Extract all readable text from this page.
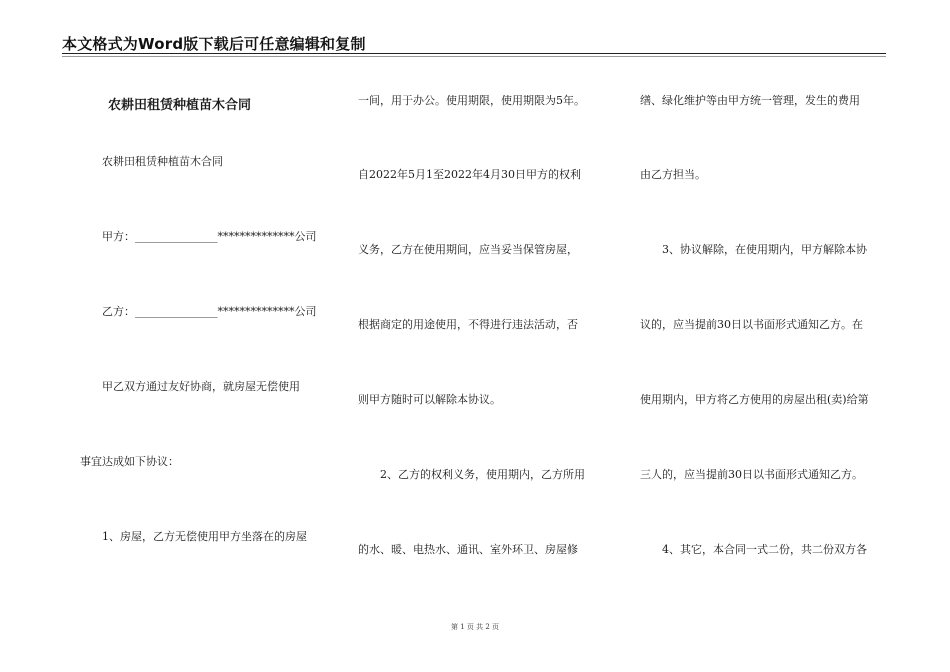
本文格式为Word版下载后可任意编辑和复制
农耕田租赁种植苗木合同
农耕田租赁种植苗木合同
甲方：_______________**************公司
乙方：_______________**************公司
甲乙双方通过友好协商，就房屋无偿使用
事宜达成如下协议：
1、房屋，乙方无偿使用甲方坐落在的房屋
一间，用于办公。使用期限，使用期限为5年。
自2022年5月1至2022年4月30日甲方的权利
义务，乙方在使用期间，应当妥当保管房屋，
根据商定的用途使用，不得进行违法活动，否
则甲方随时可以解除本协议。
2、乙方的权利义务，使用期内，乙方所用
的水、暖、电热水、通讯、室外环卫、房屋修
缮、绿化维护等由甲方统一管理，发生的费用
由乙方担当。
3、协议解除，在使用期内，甲方解除本协
议的，应当提前30日以书面形式通知乙方。在
使用期内，甲方将乙方使用的房屋出租(卖)给第
三人的，应当提前30日以书面形式通知乙方。
4、其它，本合同一式二份，共二份双方各
第 1 页 共 2 页
